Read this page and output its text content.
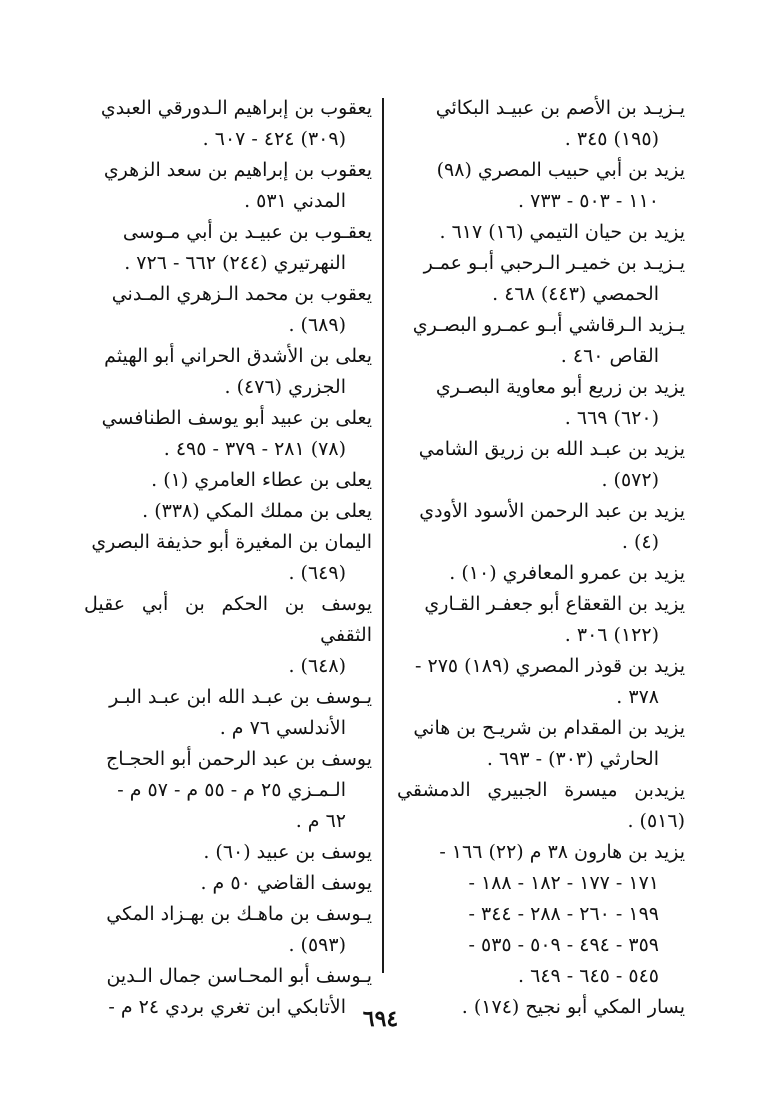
يـزيـد بن الأصم بن عبيـد البكائي
(١٩٥) ٣٤٥ .
يزيد بن أبي حبيب المصري (٩٨)
١١٠ - ٥٠٣ - ٧٣٣ .
يزيد بن حيان التيمي (١٦) ٦١٧ .
يـزيـد بن خميـر الـرحبي أبـو عمـر
الحمصي (٤٤٣) ٤٦٨ .
يـزيد الـرقاشي أبـو عمـرو البصـري
القاص ٤٦٠ .
يزيد بن زريع أبو معاوية البصـري
(٦٢٠) ٦٦٩ .
يزيد بن عبـد الله بن زريق الشامي
(٥٧٢) .
يزيد بن عبد الرحمن الأسود الأودي
(٤) .
يزيد بن عمرو المعافري (١٠) .
يزيد بن القعقاع أبو جعفـر القـاري
(١٢٢) ٣٠٦ .
يزيد بن قوذر المصري (١٨٩) ٢٧٥ -
٣٧٨ .
يزيد بن المقدام بن شريـح بن هاني
الحارثي (٣٠٣) - ٦٩٣ .
يزيدبن ميسرة الجبيري الدمشقي (٥١٦) .
يزيد بن هارون ٣٨ م (٢٢) ١٦٦ -
١٧١ - ١٧٧ - ١٨٢ - ١٨٨ -
١٩٩ - ٢٦٠ - ٢٨٨ - ٣٤٤ -
٣٥٩ - ٤٩٤ - ٥٠٩ - ٥٣٥ -
٥٤٥ - ٦٤٥ - ٦٤٩ .
يسار المكي أبو نجيح (١٧٤) .
يعقوب بن إبراهيم الـدورقي العبدي
(٣٠٩) ٤٢٤ - ٦٠٧ .
يعقوب بن إبراهيم بن سعد الزهري
المدني ٥٣١ .
يعقـوب بن عبيـد بن أبي مـوسى
النهرتيري (٢٤٤) ٦٦٢ - ٧٢٦ .
يعقوب بن محمد الـزهري المـدني
(٦٨٩) .
يعلى بن الأشدق الحراني أبو الهيثم
الجزري (٤٧٦) .
يعلى بن عبيد أبو يوسف الطنافسي
(٧٨) ٢٨١ - ٣٧٩ - ٤٩٥ .
يعلى بن عطاء العامري (١) .
يعلى بن مملك المكي (٣٣٨) .
اليمان بن المغيرة أبو حذيفة البصري
(٦٤٩) .
يوسف بن الحكم بن أبي عقيل الثقفي
(٦٤٨) .
يـوسف بن عبـد الله ابن عبـد البـر
الأندلسي ٧٦ م .
يوسف بن عبد الرحمن أبو الحجـاج
الـمـزي ٢٥ م - ٥٥ م - ٥٧ م -
٦٢ م .
يوسف بن عبيد (٦٠) .
يوسف القاضي ٥٠ م .
يـوسف بن ماهـك بن بهـزاد المكي
(٥٩٣) .
يـوسف أبو المحـاسن جمال الـدين
الأتابكي ابن تغري بردي ٢٤ م - ٦٩٤
